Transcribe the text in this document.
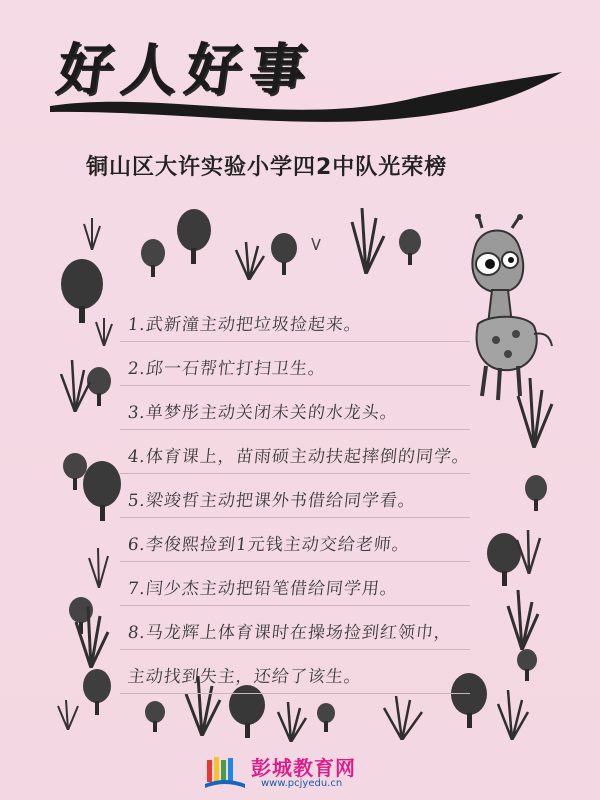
好人好事
铜山区大许实验小学四2中队光荣榜
1.武新潼主动把垃圾捡起来。
2.邱一石帮忙打扫卫生。
3.单梦彤主动关闭未关的水龙头。
4.体育课上，苗雨硕主动扶起摔倒的同学。
5.梁竣哲主动把课外书借给同学看。
6.李俊熙捡到1元钱主动交给老师。
7.闫少杰主动把铅笔借给同学用。
8.马龙辉上体育课时在操场捡到红领巾，
主动找到失主，还给了该生。
彭城教育网
www.pcjyedu.cn
